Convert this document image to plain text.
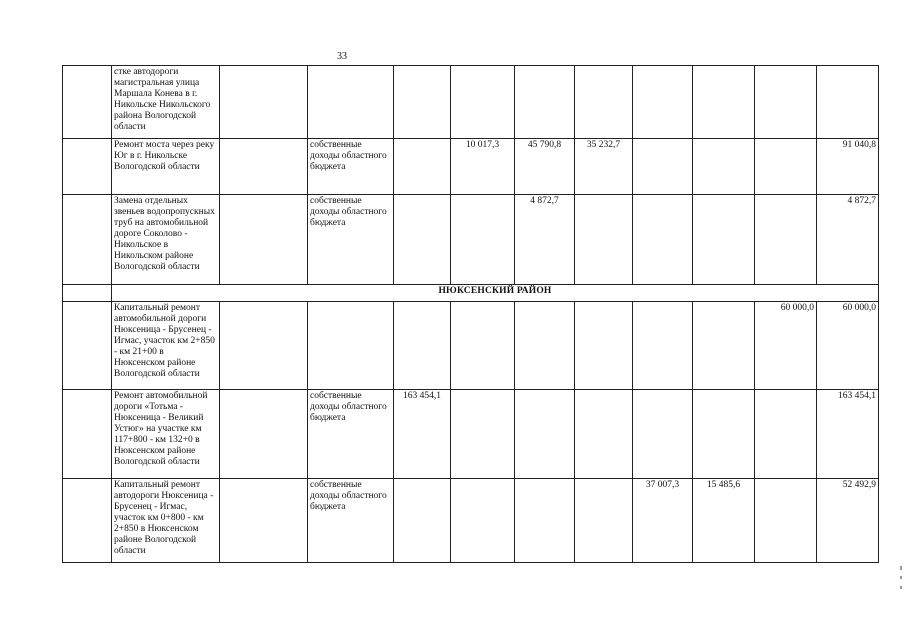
33
	стке автодороги магистральная улица Маршала Конева в г. Никольске Никольского района Вологодской области										
	Ремонт моста через реку Юг в г. Никольске Вологодской области		собственные доходы областного бюджета		10 017,3	45 790,8	35 232,7				91 040,8
	Замена отдельных звеньев водопропускных труб на автомобильной дороге Соколово - Никольское в Никольском районе Вологодской области		собственные доходы областного бюджета			4 872,7					4 872,7
	НЮКСЕНСКИЙ РАЙОН										
	Капитальный ремонт автомобильной дороги Нюксеница - Брусенец - Игмас, участок км 2+850 - км 21+00 в Нюксенском районе Вологодской области									60 000,0	60 000,0
	Ремонт автомобильной дороги «Тотьма - Нюксеница - Великий Устюг» на участке км 117+800 - км 132+0 в Нюксенском районе Вологодской области		собственные доходы областного бюджета	163 454,1							163 454,1
	Капитальный ремонт автодороги Нюксеница - Брусенец - Игмас, участок км 0+800 - км 2+850 в Нюксенском районе Вологодской области		собственные доходы областного бюджета					37 007,3	15 485,6		52 492,9
